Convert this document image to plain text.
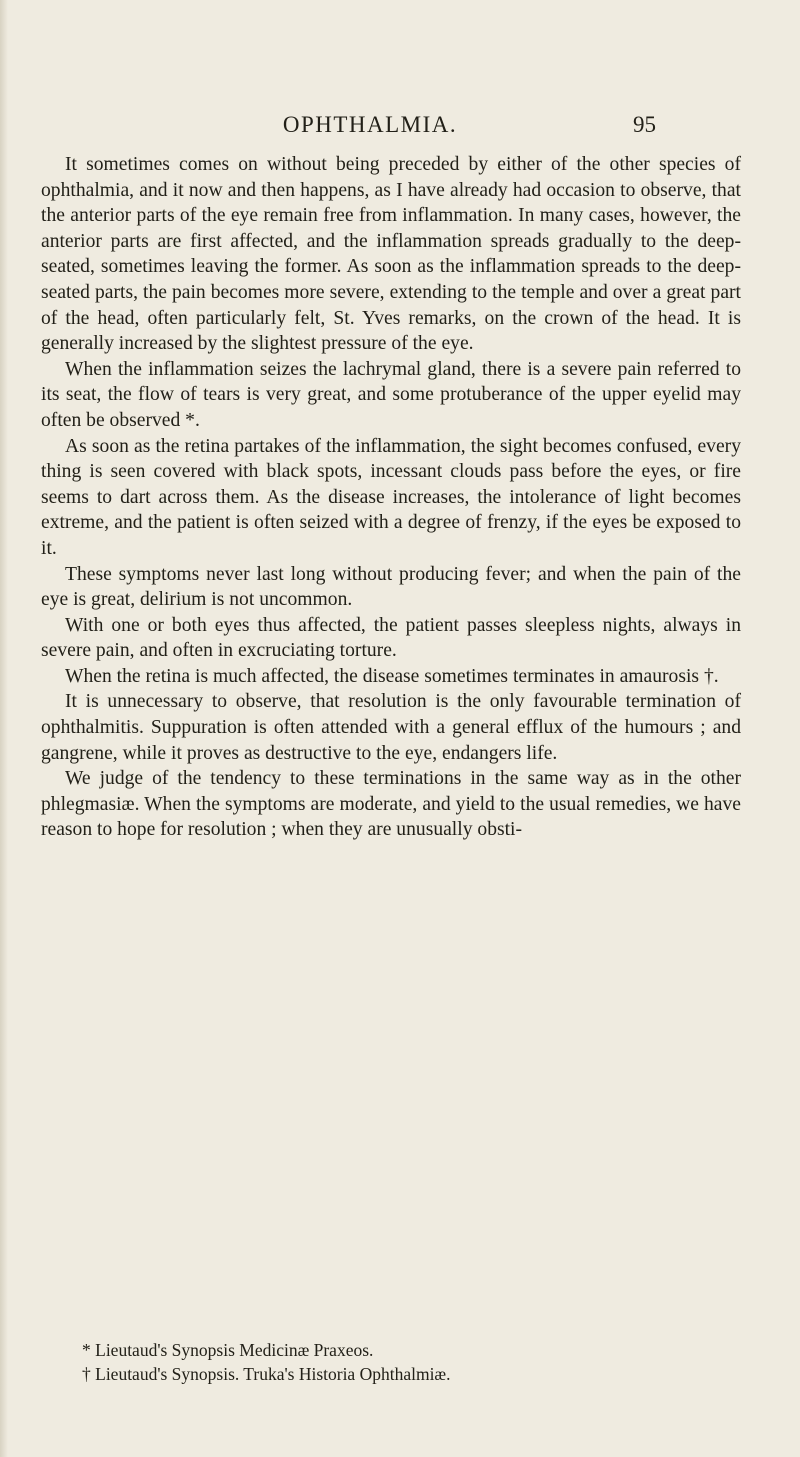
OPHTHALMIA.	95

It sometimes comes on without being preceded by either of the other species of ophthalmia, and it now and then happens, as I have already had occasion to observe, that the anterior parts of the eye remain free from inflammation. In many cases, however, the anterior parts are first affected, and the inflammation spreads gradually to the deep-seated, sometimes leaving the former. As soon as the inflammation spreads to the deep-seated parts, the pain becomes more severe, extending to the temple and over a great part of the head, often particularly felt, St. Yves remarks, on the crown of the head. It is generally increased by the slightest pressure of the eye.

When the inflammation seizes the lachrymal gland, there is a severe pain referred to its seat, the flow of tears is very great, and some protuberance of the upper eyelid may often be observed *.

As soon as the retina partakes of the inflammation, the sight becomes confused, every thing is seen covered with black spots, incessant clouds pass before the eyes, or fire seems to dart across them. As the disease increases, the intolerance of light becomes extreme, and the patient is often seized with a degree of frenzy, if the eyes be exposed to it.

These symptoms never last long without producing fever; and when the pain of the eye is great, delirium is not uncommon.

With one or both eyes thus affected, the patient passes sleepless nights, always in severe pain, and often in excruciating torture.

When the retina is much affected, the disease sometimes terminates in amaurosis †.

It is unnecessary to observe, that resolution is the only favourable termination of ophthalmitis. Suppuration is often attended with a general efflux of the humours ; and gangrene, while it proves as destructive to the eye, endangers life.

We judge of the tendency to these terminations in the same way as in the other phlegmasiæ. When the symptoms are moderate, and yield to the usual remedies, we have reason to hope for resolution ; when they are unusually obsti-

* Lieutaud's Synopsis Medicinæ Praxeos.

† Lieutaud's Synopsis. Truka's Historia Ophthalmiæ.
